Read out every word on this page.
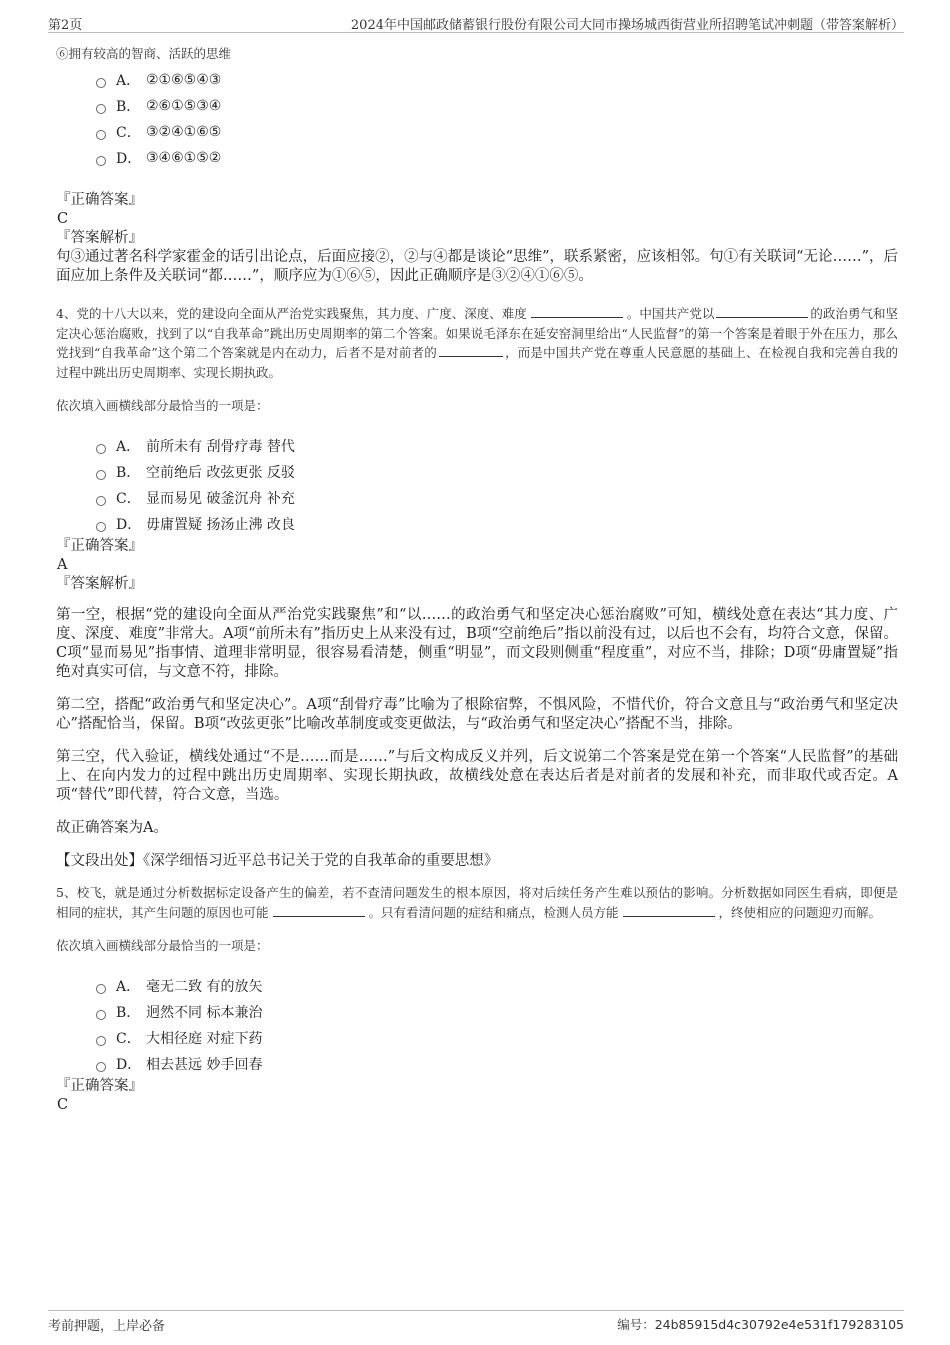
第2页	2024年中国邮政储蓄银行股份有限公司大同市操场城西街营业所招聘笔试冲刺题（带答案解析）
⑥拥有较高的智商、活跃的思维
A． ②①⑥⑤④③
B． ②⑥①⑤③④
C． ③②④①⑥⑤
D． ③④⑥①⑤②
『正确答案』
C
『答案解析』
句③通过著名科学家霍金的话引出论点，后面应接②，②与④都是谈论“思维”，联系紧密，应该相邻。句①有关联词“无论……”，后面应加上条件及关联词“都……”，顺序应为①⑥⑤，因此正确顺序是③②④①⑥⑤。
4、党的十八大以来，党的建设向全面从严治党实践聚焦，其力度、广度、深度、难度	。中国共产党以	的政治勇气和坚定决心惩治腐败，找到了以“自我革命”跳出历史周期率的第二个答案。如果说毛泽东在延安窑洞里给出“人民监督”的第一个答案是着眼于外在压力，那么党找到“自我革命”这个第二个答案就是内在动力，后者不是对前者的	，而是中国共产党在尊重人民意愿的基础上、在检视自我和完善自我的过程中跳出历史周期率、实现长期执政。
依次填入画横线部分最恰当的一项是：
A． 前所未有 刮骨疗毒 替代
B． 空前绝后 改弦更张 反驳
C． 显而易见 破釜沉舟 补充
D． 毋庸置疑 扬汤止沸 改良
『正确答案』
A
『答案解析』
第一空，根据“党的建设向全面从严治党实践聚焦”和“以……的政治勇气和坚定决心惩治腐败”可知，横线处意在表达“其力度、广度、深度、难度”非常大。A项“前所未有”指历史上从来没有过，B项“空前绝后”指以前没有过，以后也不会有，均符合文意，保留。C项“显而易见”指事情、道理非常明显，很容易看清楚，侧重“明显”，而文段则侧重“程度重”，对应不当，排除；D项“毋庸置疑”指绝对真实可信，与文意不符，排除。
第二空，搭配“政治勇气和坚定决心”。A项“刮骨疗毒”比喻为了根除宿弊，不惧风险，不惜代价，符合文意且与“政治勇气和坚定决心”搭配恰当，保留。B项“改弦更张”比喻改革制度或变更做法，与“政治勇气和坚定决心”搭配不当，排除。
第三空，代入验证，横线处通过“不是……而是……”与后文构成反义并列，后文说第二个答案是党在第一个答案“人民监督”的基础上、在向内发力的过程中跳出历史周期率、实现长期执政，故横线处意在表达后者是对前者的发展和补充，而非取代或否定。A项“替代”即代替，符合文意，当选。
故正确答案为A。
【文段出处】《深学细悟习近平总书记关于党的自我革命的重要思想》
5、校飞，就是通过分析数据标定设备产生的偏差，若不查清问题发生的根本原因，将对后续任务产生难以预估的影响。分析数据如同医生看病，即便是相同的症状，其产生问题的原因也可能	。只有看清问题的症结和痛点，检测人员方能	，终使相应的问题迎刃而解。
依次填入画横线部分最恰当的一项是：
A． 毫无二致 有的放矢
B． 迥然不同 标本兼治
C． 大相径庭 对症下药
D． 相去甚远 妙手回春
『正确答案』
C
考前押题，上岸必备	编号：24b85915d4c30792e4e531f179283105
